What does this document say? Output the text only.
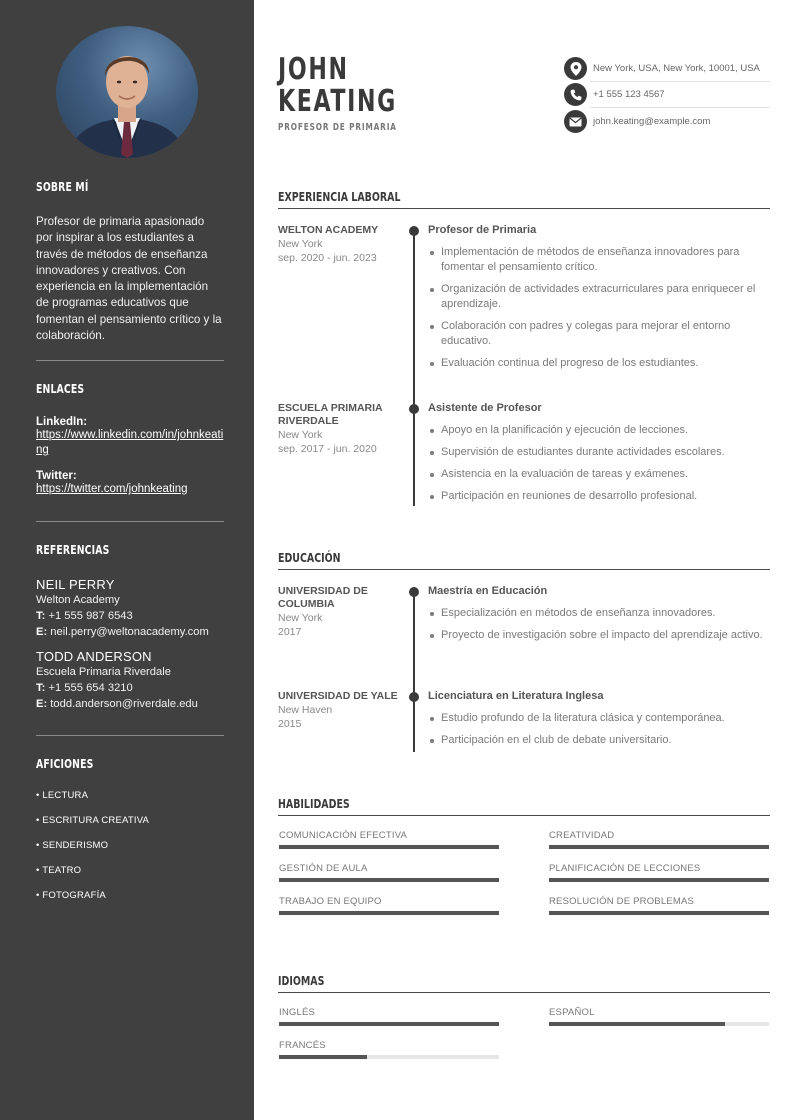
SOBRE MÍ
Profesor de primaria apasionado por inspirar a los estudiantes a través de métodos de enseñanza innovadores y creativos. Con experiencia en la implementación de programas educativos que fomentan el pensamiento crítico y la colaboración.
ENLACES
LinkedIn:
https://www.linkedin.com/in/johnkeating
Twitter:
https://twitter.com/johnkeating
REFERENCIAS
NEIL PERRY
Welton Academy
T: +1 555 987 6543
E: neil.perry@weltonacademy.com
TODD ANDERSON
Escuela Primaria Riverdale
T: +1 555 654 3210
E: todd.anderson@riverdale.edu
AFICIONES
• LECTURA
• ESCRITURA CREATIVA
• SENDERISMO
• TEATRO
• FOTOGRAFÍA
JOHN
KEATING
PROFESOR DE PRIMARIA
New York, USA, New York, 10001, USA
+1 555 123 4567
john.keating@example.com
EXPERIENCIA LABORAL
WELTON ACADEMY
New York
sep. 2020 - jun. 2023
Profesor de Primaria
Implementación de métodos de enseñanza innovadores para fomentar el pensamiento crítico.
Organización de actividades extracurriculares para enriquecer el aprendizaje.
Colaboración con padres y colegas para mejorar el entorno educativo.
Evaluación continua del progreso de los estudiantes.
ESCUELA PRIMARIA RIVERDALE
New York
sep. 2017 - jun. 2020
Asistente de Profesor
Apoyo en la planificación y ejecución de lecciones.
Supervisión de estudiantes durante actividades escolares.
Asistencia en la evaluación de tareas y exámenes.
Participación en reuniones de desarrollo profesional.
EDUCACIÓN
UNIVERSIDAD DE COLUMBIA
New York
2017
Maestría en Educación
Especialización en métodos de enseñanza innovadores.
Proyecto de investigación sobre el impacto del aprendizaje activo.
UNIVERSIDAD DE YALE
New Haven
2015
Licenciatura en Literatura Inglesa
Estudio profundo de la literatura clásica y contemporánea.
Participación en el club de debate universitario.
HABILIDADES
COMUNICACIÓN EFECTIVA	CREATIVIDAD
GESTIÓN DE AULA	PLANIFICACIÓN DE LECCIONES
TRABAJO EN EQUIPO	RESOLUCIÓN DE PROBLEMAS
IDIOMAS
INGLÉS	ESPAÑOL
FRANCÉS
